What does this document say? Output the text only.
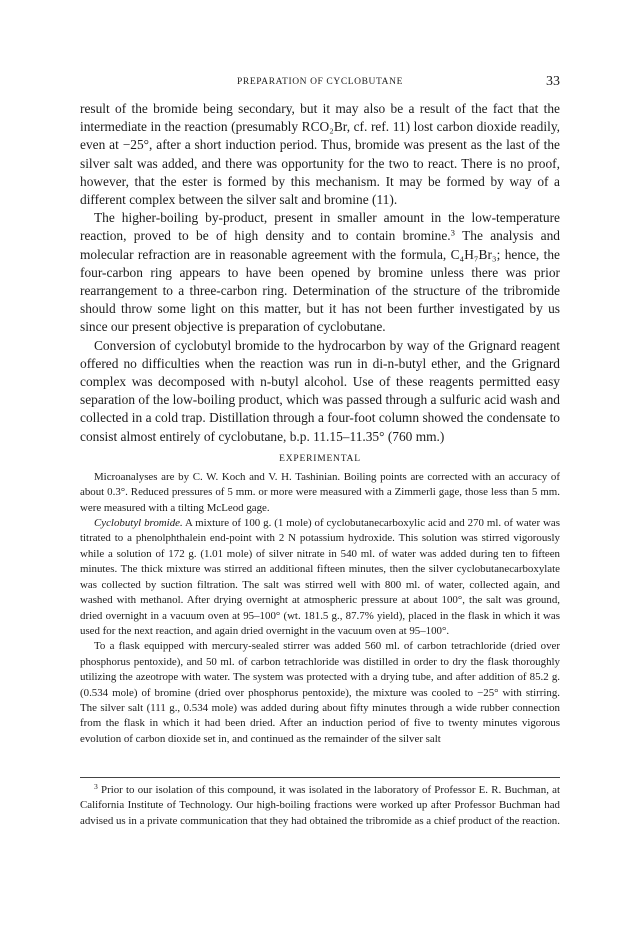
PREPARATION OF CYCLOBUTANE	33

result of the bromide being secondary, but it may also be a result of the fact that the intermediate in the reaction (presumably RCO₂Br, cf. ref. 11) lost carbon dioxide readily, even at −25°, after a short induction period. Thus, bromide was present as the last of the silver salt was added, and there was opportunity for the two to react. There is no proof, however, that the ester is formed by this mechanism. It may be formed by way of a different complex between the silver salt and bromine (11).

The higher-boiling by-product, present in smaller amount in the low-temperature reaction, proved to be of high density and to contain bromine.$^3$ The analysis and molecular refraction are in reasonable agreement with the formula, C₄H₇Br₃; hence, the four-carbon ring appears to have been opened by bromine unless there was prior rearrangement to a three-carbon ring. Determination of the structure of the tribromide should throw some light on this matter, but it has not been further investigated by us since our present objective is preparation of cyclobutane.

Conversion of cyclobutyl bromide to the hydrocarbon by way of the Grignard reagent offered no difficulties when the reaction was run in di-n-butyl ether, and the Grignard complex was decomposed with n-butyl alcohol. Use of these reagents permitted easy separation of the low-boiling product, which was passed through a sulfuric acid wash and collected in a cold trap. Distillation through a four-foot column showed the condensate to consist almost entirely of cyclobutane, b.p. 11.15–11.35° (760 mm.)

EXPERIMENTAL

Microanalyses are by C. W. Koch and V. H. Tashinian. Boiling points are corrected with an accuracy of about 0.3°. Reduced pressures of 5 mm. or more were measured with a Zimmerli gage, those less than 5 mm. were measured with a tilting McLeod gage.

Cyclobutyl bromide. A mixture of 100 g. (1 mole) of cyclobutanecarboxylic acid and 270 ml. of water was titrated to a phenolphthalein end-point with 2 N potassium hydroxide. This solution was stirred vigorously while a solution of 172 g. (1.01 mole) of silver nitrate in 540 ml. of water was added during ten to fifteen minutes. The thick mixture was stirred an additional fifteen minutes, then the silver cyclobutanecarboxylate was collected by suction filtration. The salt was stirred well with 800 ml. of water, collected again, and washed with methanol. After drying overnight at atmospheric pressure at about 100°, the salt was ground, dried overnight in a vacuum oven at 95–100° (wt. 181.5 g., 87.7% yield), placed in the flask in which it was used for the next reaction, and again dried overnight in the vacuum oven at 95–100°.

To a flask equipped with mercury-sealed stirrer was added 560 ml. of carbon tetrachloride (dried over phosphorus pentoxide), and 50 ml. of carbon tetrachloride was distilled in order to dry the flask thoroughly utilizing the azeotrope with water. The system was protected with a drying tube, and after addition of 85.2 g. (0.534 mole) of bromine (dried over phosphorus pentoxide), the mixture was cooled to −25° with stirring. The silver salt (111 g., 0.534 mole) was added during about fifty minutes through a wide rubber connection from the flask in which it had been dried. After an induction period of five to twenty minutes vigorous evolution of carbon dioxide set in, and continued as the remainder of the silver salt

$^3$ Prior to our isolation of this compound, it was isolated in the laboratory of Professor E. R. Buchman, at California Institute of Technology. Our high-boiling fractions were worked up after Professor Buchman had advised us in a private communication that they had obtained the tribromide as a chief product of the reaction.
